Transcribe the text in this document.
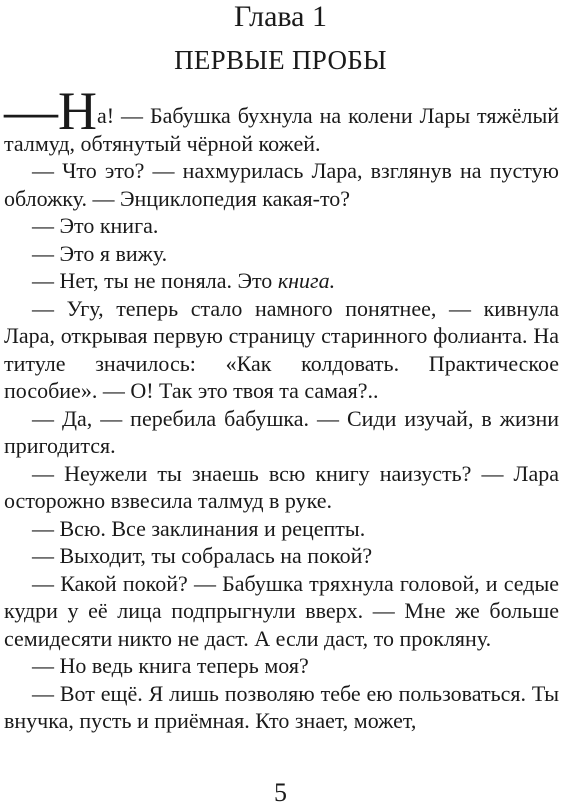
Глава 1
ПЕРВЫЕ ПРОБЫ

—На! — Бабушка бухнула на колени Лары тяжёлый талмуд, обтянутый чёрной кожей.

— Что это? — нахмурилась Лара, взглянув на пустую обложку. — Энциклопедия какая-то?

— Это книга.

— Это я вижу.

— Нет, ты не поняла. Это книга.

— Угу, теперь стало намного понятнее, — кивнула Лара, открывая первую страницу старинного фолианта. На титуле значилось: «Как колдовать. Практическое пособие». — О! Так это твоя та самая?..

— Да, — перебила бабушка. — Сиди изучай, в жизни пригодится.

— Неужели ты знаешь всю книгу наизусть? — Лара осторожно взвесила талмуд в руке.

— Всю. Все заклинания и рецепты.

— Выходит, ты собралась на покой?

— Какой покой? — Бабушка тряхнула головой, и седые кудри у её лица подпрыгнули вверх. — Мне же больше семидесяти никто не даст. А если даст, то прокляну.

— Но ведь книга теперь моя?

— Вот ещё. Я лишь позволяю тебе ею пользоваться. Ты внучка, пусть и приёмная. Кто знает, может,

5
